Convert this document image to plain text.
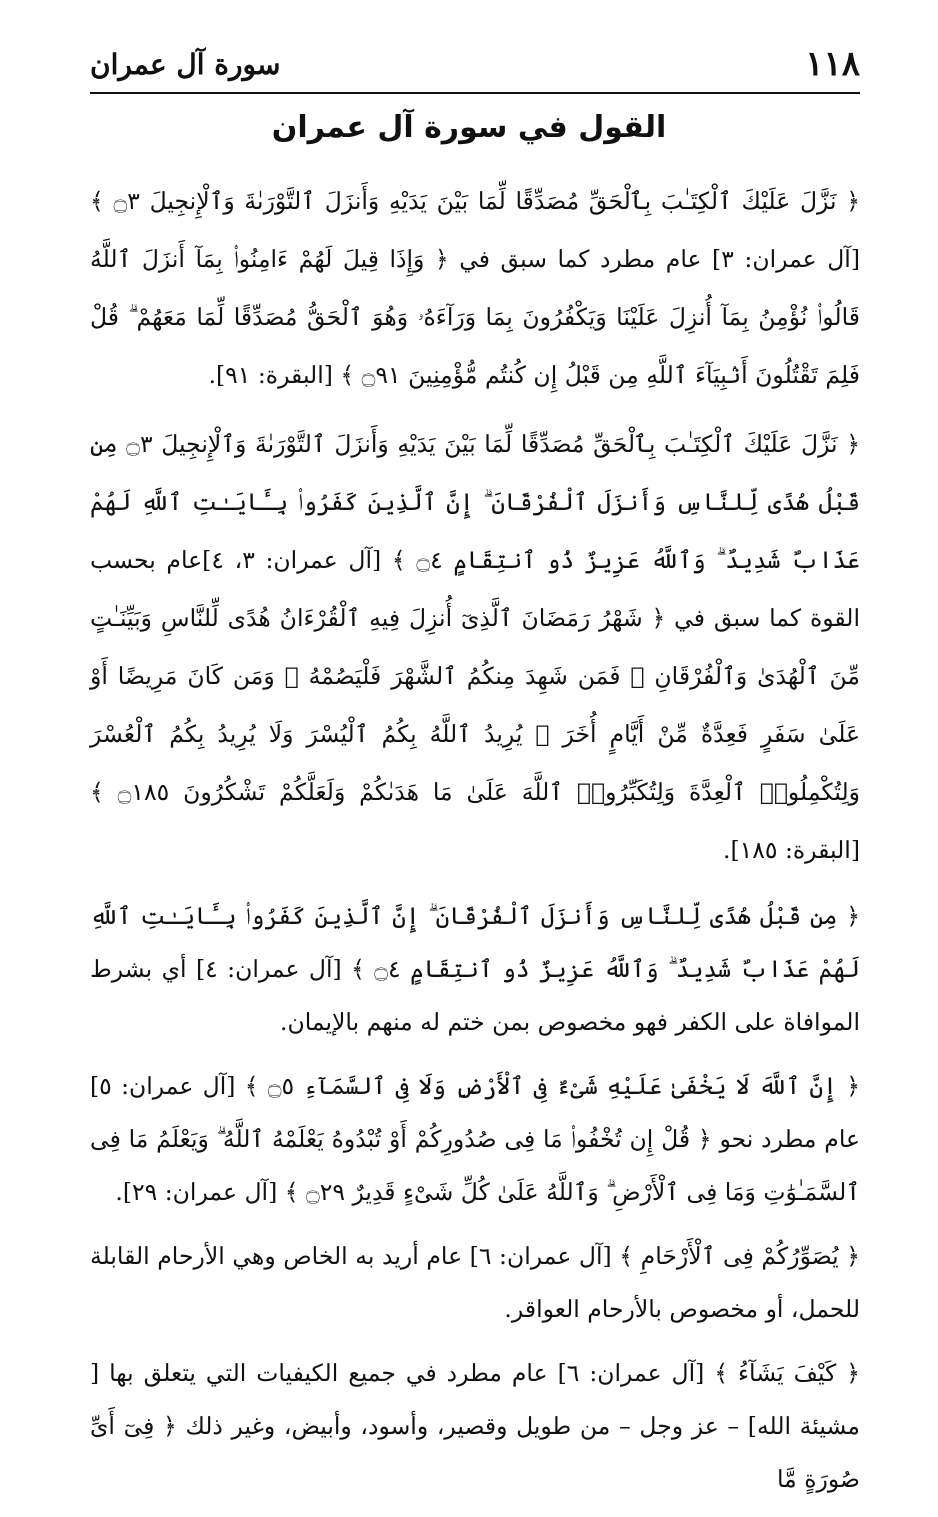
١١٨
سورة آل عمران
القول في سورة آل عمران

﴿ نَزَّلَ عَلَيْكَ ٱلْكِتَـٰبَ بِٱلْحَقِّ مُصَدِّقًا لِّمَا بَيْنَ يَدَيْهِ وَأَنزَلَ ٱلتَّوْرَىٰةَ وَٱلْإِنجِيلَ ۝٣ ﴾ [آل عمران: ٣] عام مطرد كما سبق في ﴿ وَإِذَا قِيلَ لَهُمْ ءَامِنُوا۟ بِمَآ أَنزَلَ ٱللَّهُ قَالُوا۟ نُؤْمِنُ بِمَآ أُنزِلَ عَلَيْنَا وَيَكْفُرُونَ بِمَا وَرَآءَهُۥ وَهُوَ ٱلْحَقُّ مُصَدِّقًا لِّمَا مَعَهُمْ ۗ قُلْ فَلِمَ تَقْتُلُونَ أَنۢبِيَآءَ ٱللَّهِ مِن قَبْلُ إِن كُنتُم مُّؤْمِنِينَ ۝٩١ ﴾ [البقرة: ٩١].

﴿ نَزَّلَ عَلَيْكَ ٱلْكِتَـٰبَ بِٱلْحَقِّ مُصَدِّقًا لِّمَا بَيْنَ يَدَيْهِ وَأَنزَلَ ٱلتَّوْرَىٰةَ وَٱلْإِنجِيلَ ۝٣ مِن قَبْلُ هُدًى لِّلنَّاسِ وَأَنزَلَ ٱلْفُرْقَانَ ۗ إِنَّ ٱلَّذِينَ كَفَرُوا۟ بِـَٔايَـٰتِ ٱللَّهِ لَهُمْ عَذَابٌ شَدِيدٌ ۗ وَٱللَّهُ عَزِيزٌ ذُو ٱنتِقَامٍ ۝٤ ﴾ [آل عمران: ٣، ٤]عام بحسب القوة كما سبق في ﴿ شَهْرُ رَمَضَانَ ٱلَّذِىٓ أُنزِلَ فِيهِ ٱلْقُرْءَانُ هُدًى لِّلنَّاسِ وَبَيِّنَـٰتٍ مِّنَ ٱلْهُدَىٰ وَٱلْفُرْقَانِ ۚ فَمَن شَهِدَ مِنكُمُ ٱلشَّهْرَ فَلْيَصُمْهُ ۖ وَمَن كَانَ مَرِيضًا أَوْ عَلَىٰ سَفَرٍ فَعِدَّةٌ مِّنْ أَيَّامٍ أُخَرَ ۗ يُرِيدُ ٱللَّهُ بِكُمُ ٱلْيُسْرَ وَلَا يُرِيدُ بِكُمُ ٱلْعُسْرَ وَلِتُكْمِلُوا۟ ٱلْعِدَّةَ وَلِتُكَبِّرُوا۟ ٱللَّهَ عَلَىٰ مَا هَدَىٰكُمْ وَلَعَلَّكُمْ تَشْكُرُونَ ۝١٨٥ ﴾ [البقرة: ١٨٥].

﴿ مِن قَبْلُ هُدًى لِّلنَّاسِ وَأَنزَلَ ٱلْفُرْقَانَ ۗ إِنَّ ٱلَّذِينَ كَفَرُوا۟ بِـَٔايَـٰتِ ٱللَّهِ لَهُمْ عَذَابٌ شَدِيدٌ ۗ وَٱللَّهُ عَزِيزٌ ذُو ٱنتِقَامٍ ۝٤ ﴾ [آل عمران: ٤] أي بشرط الموافاة على الكفر فهو مخصوص بمن ختم له منهم بالإيمان.

﴿ إِنَّ ٱللَّهَ لَا يَخْفَىٰ عَلَيْهِ شَىْءٌ فِى ٱلْأَرْضِ وَلَا فِى ٱلسَّمَآءِ ۝٥ ﴾ [آل عمران: ٥] عام مطرد نحو ﴿ قُلْ إِن تُخْفُوا۟ مَا فِى صُدُورِكُمْ أَوْ تُبْدُوهُ يَعْلَمْهُ ٱللَّهُ ۗ وَيَعْلَمُ مَا فِى ٱلسَّمَـٰوَٰتِ وَمَا فِى ٱلْأَرْضِ ۗ وَٱللَّهُ عَلَىٰ كُلِّ شَىْءٍ قَدِيرٌ ۝٢٩ ﴾ [آل عمران: ٢٩].

﴿ يُصَوِّرُكُمْ فِى ٱلْأَرْحَامِ ﴾ [آل عمران: ٦] عام أريد به الخاص وهي الأرحام القابلة للحمل، أو مخصوص بالأرحام العواقر.

﴿ كَيْفَ يَشَآءُ ﴾ [آل عمران: ٦] عام مطرد في جميع الكيفيات التي يتعلق بها [ مشيئة الله] – عز وجل – من طويل وقصير، وأسود، وأبيض، وغير ذلك ﴿ فِىٓ أَىِّ صُورَةٍ مَّا
